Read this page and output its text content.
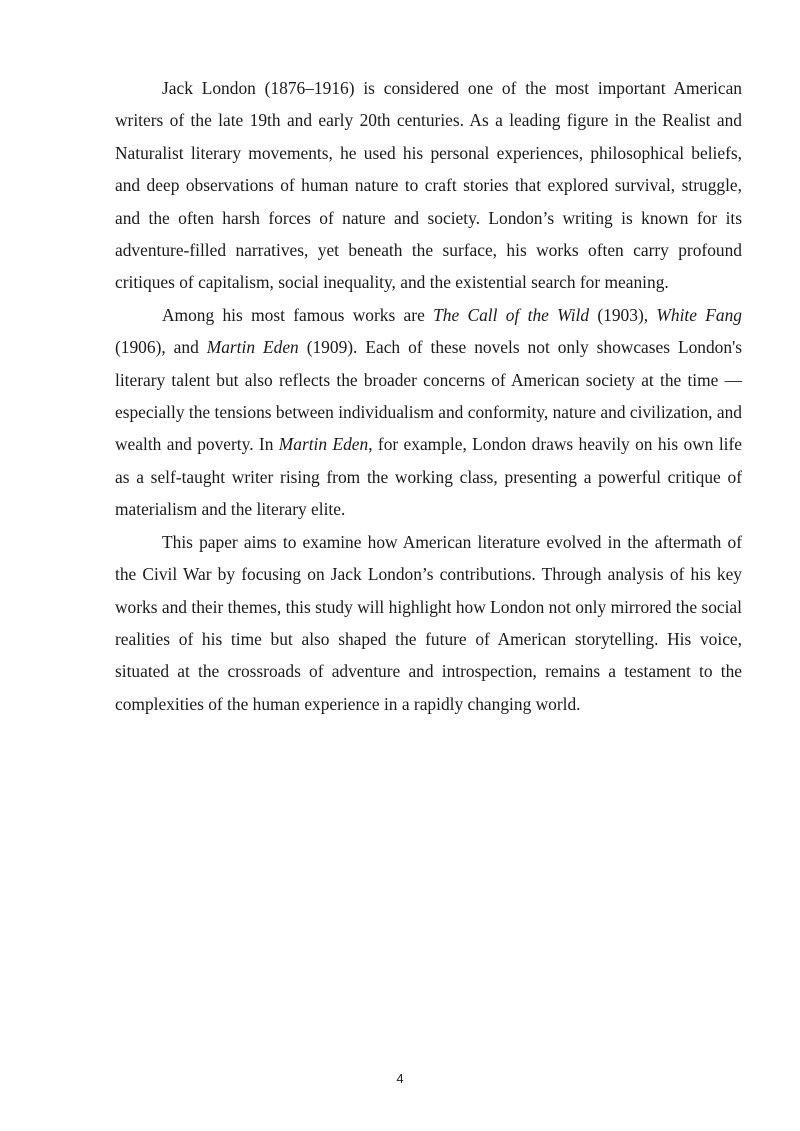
Jack London (1876–1916) is considered one of the most important American writers of the late 19th and early 20th centuries. As a leading figure in the Realist and Naturalist literary movements, he used his personal experiences, philosophical beliefs, and deep observations of human nature to craft stories that explored survival, struggle, and the often harsh forces of nature and society. London’s writing is known for its adventure-filled narratives, yet beneath the surface, his works often carry profound critiques of capitalism, social inequality, and the existential search for meaning.

Among his most famous works are The Call of the Wild (1903), White Fang (1906), and Martin Eden (1909). Each of these novels not only showcases London's literary talent but also reflects the broader concerns of American society at the time —especially the tensions between individualism and conformity, nature and civilization, and wealth and poverty. In Martin Eden, for example, London draws heavily on his own life as a self-taught writer rising from the working class, presenting a powerful critique of materialism and the literary elite.

This paper aims to examine how American literature evolved in the aftermath of the Civil War by focusing on Jack London’s contributions. Through analysis of his key works and their themes, this study will highlight how London not only mirrored the social realities of his time but also shaped the future of American storytelling. His voice, situated at the crossroads of adventure and introspection, remains a testament to the complexities of the human experience in a rapidly changing world.

4
